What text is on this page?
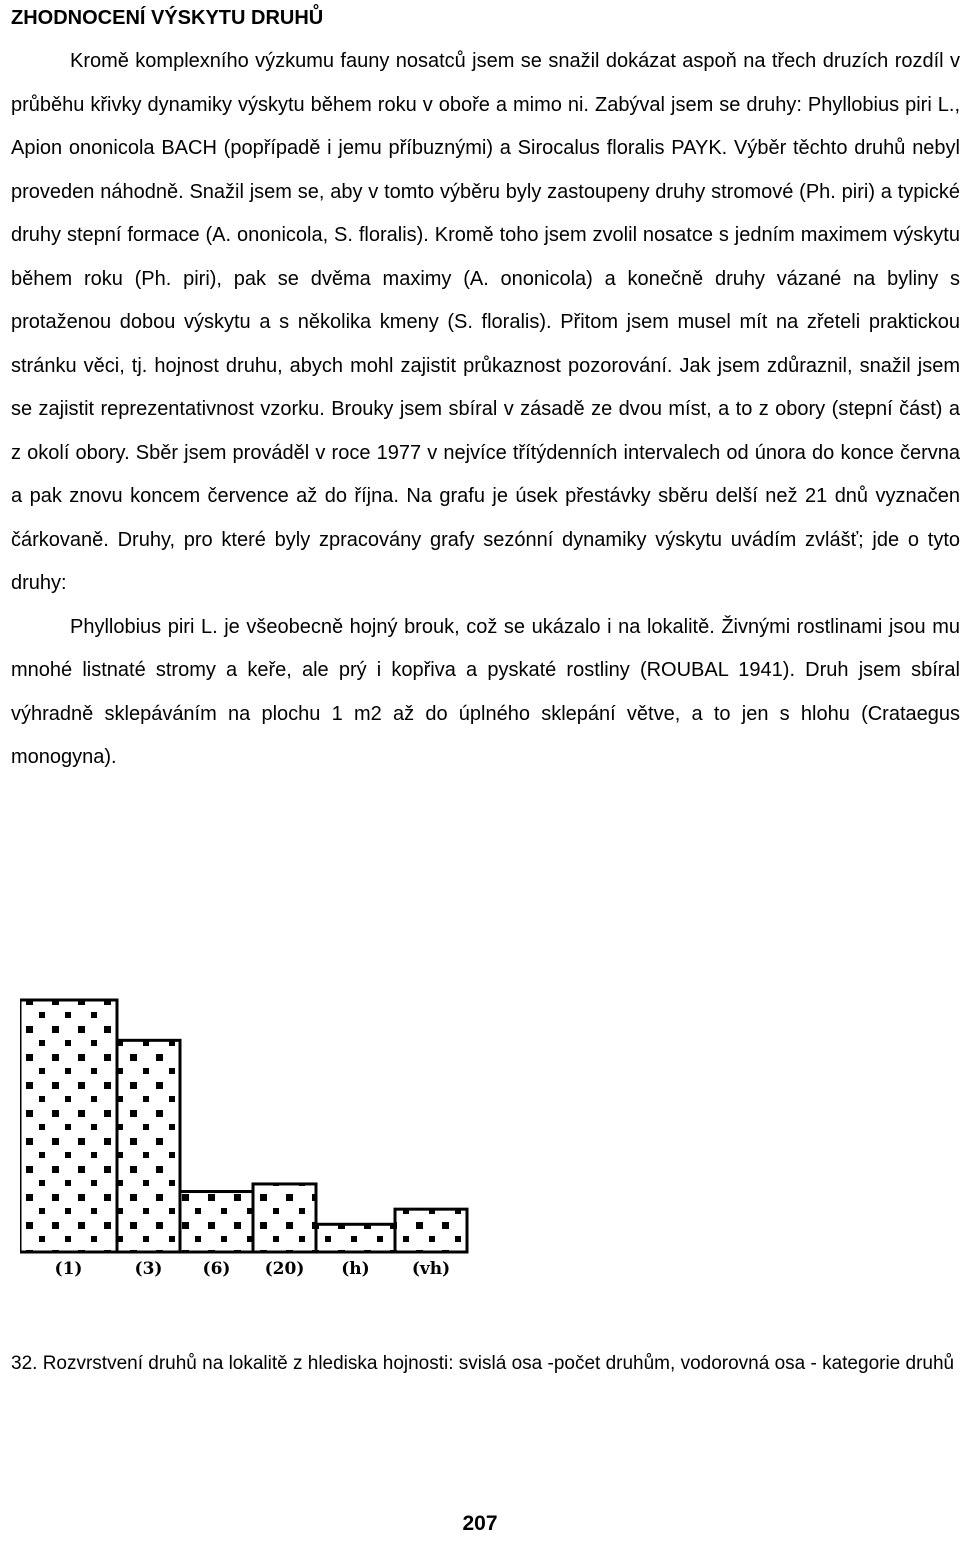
ZHODNOCENÍ VÝSKYTU DRUHŮ

Kromě komplexního výzkumu fauny nosatců jsem se snažil dokázat aspoň na třech druzích rozdíl v průběhu křivky dynamiky výskytu během roku v oboře a mimo ni. Zabýval jsem se druhy: Phyllobius piri L., Apion ononicola BACH (popřípadě i jemu příbuznými) a Sirocalus floralis PAYK. Výběr těchto druhů nebyl proveden náhodně. Snažil jsem se, aby v tomto výběru byly zastoupeny druhy stromové (Ph. piri) a typické druhy stepní formace (A. ononicola, S. floralis). Kromě toho jsem zvolil nosatce s jedním maximem výskytu během roku (Ph. piri), pak se dvěma maximy (A. ononicola) a konečně druhy vázané na byliny s protaženou dobou výskytu a s několika kmeny (S. floralis). Přitom jsem musel mít na zřeteli praktickou stránku věci, tj. hojnost druhu, abych mohl zajistit průkaznost pozorování. Jak jsem zdůraznil, snažil jsem se zajistit reprezentativnost vzorku. Brouky jsem sbíral v zásadě ze dvou míst, a to z obory (stepní část) a z okolí obory. Sběr jsem prováděl v roce 1977 v nejvíce třítýdenních intervalech od února do konce června a pak znovu koncem července až do října. Na grafu je úsek přestávky sběru delší než 21 dnů vyznačen čárkovaně. Druhy, pro které byly zpracovány grafy sezónní dynamiky výskytu uvádím zvlášť; jde o tyto druhy:

Phyllobius piri L. je všeobecně hojný brouk, což se ukázalo i na lokalitě. Živnými rostlinami jsou mu mnohé listnaté stromy a keře, ale prý i kopřiva a pyskaté rostliny (ROUBAL 1941). Druh jsem sbíral výhradně sklepáváním na plochu 1 m2 až do úplného sklepání větve, a to jen s hlohu (Crataegus monogyna).

(1)	(3) (6) (20) (h) (vh)

32. Rozvrstvení druhů na lokalitě z hlediska hojnosti: svislá osa -počet druhům, vodorovná osa - kategorie druhů

207
